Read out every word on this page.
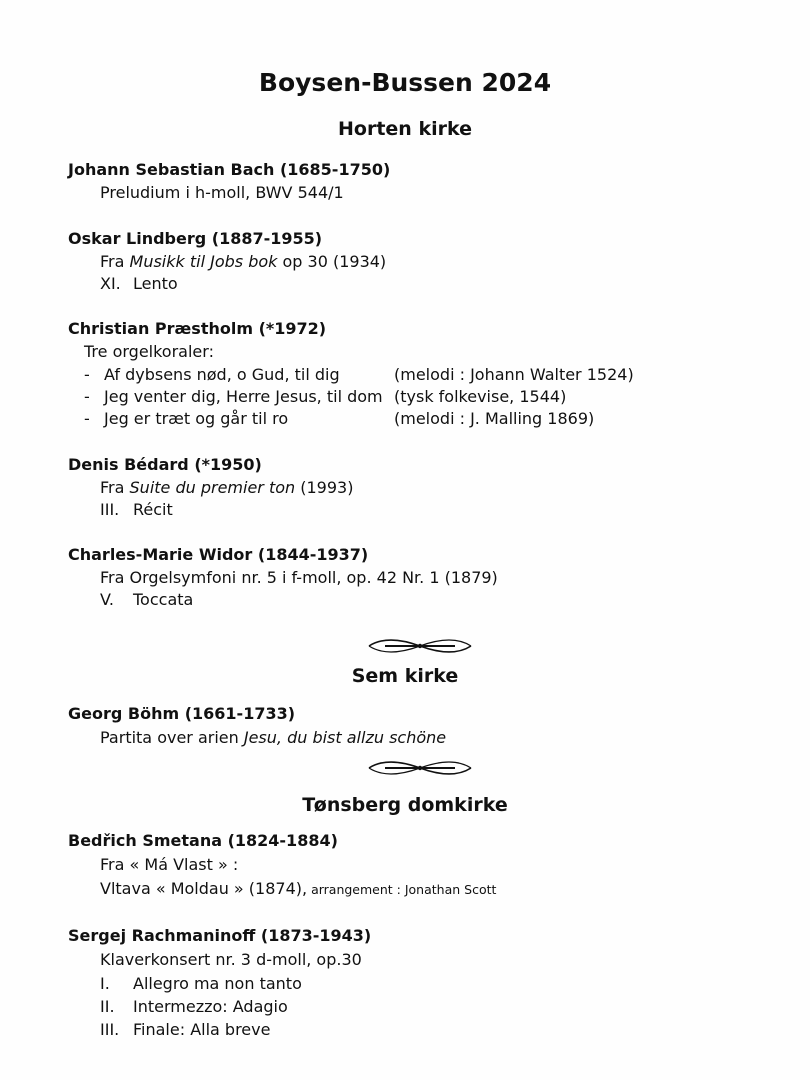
Boysen-Bussen 2024
Horten kirke
Johann Sebastian Bach (1685-1750)
Preludium i h-moll, BWV 544/1
Oskar Lindberg (1887-1955)
Fra Musikk til Jobs bok op 30 (1934)
XI. Lento
Christian Præstholm (*1972)
Tre orgelkoraler:
- Af dybsens nød, o Gud, til dig	(melodi : Johann Walter 1524)
- Jeg venter dig, Herre Jesus, til dom (tysk folkevise, 1544)
- Jeg er træt og går til ro	(melodi : J. Malling 1869)
Denis Bédard (*1950)
Fra Suite du premier ton (1993)
III. Récit
Charles-Marie Widor (1844-1937)
Fra Orgelsymfoni nr. 5 i f-moll, op. 42 Nr. 1 (1879)
V. Toccata
Sem kirke
Georg Böhm (1661-1733)
Partita over arien Jesu, du bist allzu schöne
Tønsberg domkirke
Bedřich Smetana (1824-1884)
Fra « Má Vlast » :
Vltava « Moldau » (1874), arrangement : Jonathan Scott
Sergej Rachmaninoff (1873-1943)
Klaverkonsert nr. 3 d-moll, op.30
I. Allegro ma non tanto
II. Intermezzo: Adagio
III. Finale: Alla breve
